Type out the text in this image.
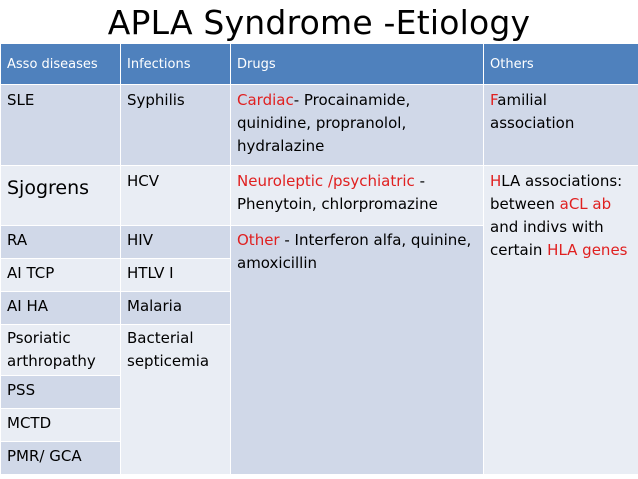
APLA Syndrome -Etiology
Asso diseases	Infections	Drugs	Others
SLE	Syphilis	Cardiac- Procainamide, quinidine, propranolol, hydralazine	Familial association
Sjogrens	HCV	Neuroleptic /psychiatric - Phenytoin, chlorpromazine	HLA associations: between aCL ab and indivs with certain HLA genes
RA	HIV	Other - Interferon alfa, quinine, amoxicillin	
AI TCP	HTLV I		
AI HA	Malaria		
Psoriatic arthropathy	Bacterial septicemia		
PSS			
MCTD			
PMR/ GCA			
